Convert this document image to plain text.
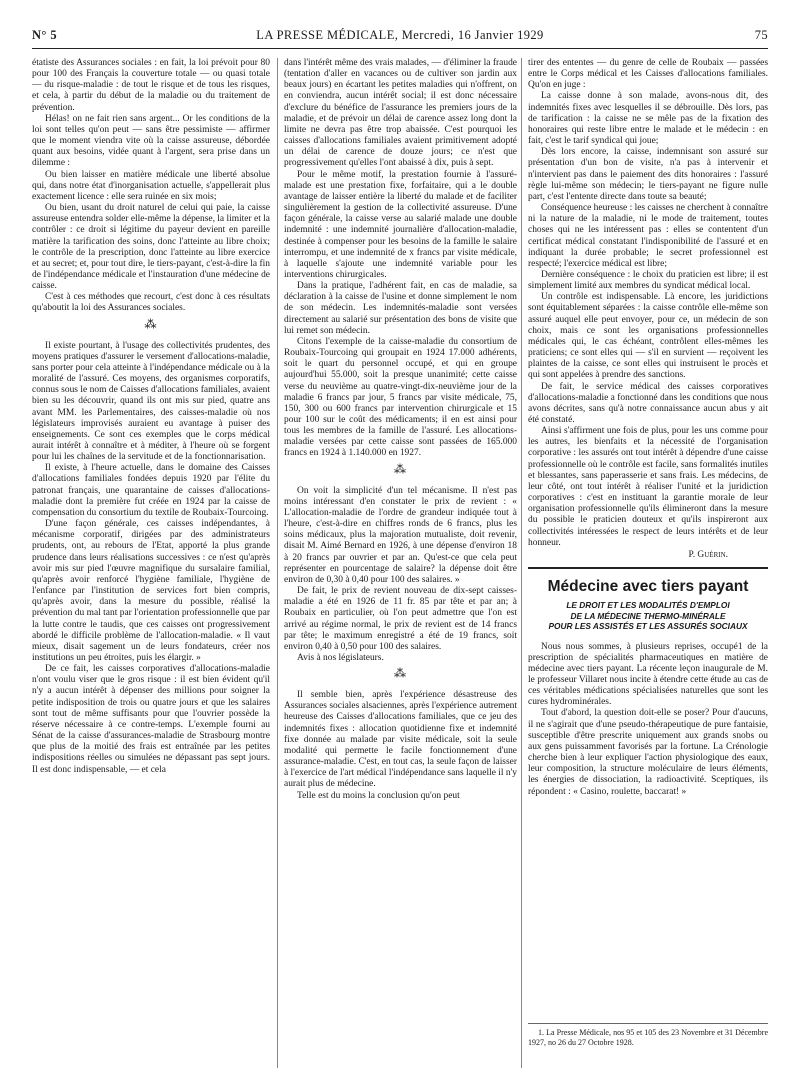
N° 5	LA PRESSE MÉDICALE, Mercredi, 16 Janvier 1929	75

étatiste des Assurances sociales : en fait, la loi prévoit pour 80 pour 100 des Français la couverture totale — ou quasi totale — du risque-maladie : de tout le risque et de tous les risques, et cela, à partir du début de la maladie ou du traitement de prévention.

Hélas! on ne fait rien sans argent... Or les conditions de la loi sont telles qu'on peut — sans être pessimiste — affirmer que le moment viendra vite où la caisse assureuse, débordée quant aux besoins, vidée quant à l'argent, sera prise dans un dilemme :

Ou bien laisser en matière médicale une liberté absolue qui, dans notre état d'inorganisation actuelle, s'appellerait plus exactement licence : elle sera ruinée en six mois;

Ou bien, usant du droit naturel de celui qui paie, la caisse assureuse entendra solder elle-même la dépense, la limiter et la contrôler : ce droit si légitime du payeur devient en pareille matière la tarification des soins, donc l'atteinte au libre choix; le contrôle de la prescription, donc l'atteinte au libre exercice et au secret; et, pour tout dire, le tiers-payant, c'est-à-dire la fin de l'indépendance médicale et l'instauration d'une médecine de caisse.

C'est à ces méthodes que recourt, c'est donc à ces résultats qu'aboutit la loi des Assurances sociales.

⁂

Il existe pourtant, à l'usage des collectivités prudentes, des moyens pratiques d'assurer le versement d'allocations-maladie, sans porter pour cela atteinte à l'indépendance médicale ou à la moralité de l'assuré. Ces moyens, des organismes corporatifs, connus sous le nom de Caisses d'allocations familiales, avaient bien su les découvrir, quand ils ont mis sur pied, quatre ans avant MM. les Parlementaires, des caisses-maladie où nos législateurs improvisés auraient eu avantage à puiser des enseignements. Ce sont ces exemples que le corps médical aurait intérêt à connaître et à méditer, à l'heure où se forgent pour lui les chaînes de la servitude et de la fonctionnarisation.

Il existe, à l'heure actuelle, dans le domaine des Caisses d'allocations familiales fondées depuis 1920 par l'élite du patronat français, une quarantaine de caisses d'allocations-maladie dont la première fut créée en 1924 par la caisse de compensation du consortium du textile de Roubaix-Tourcoing.

D'une façon générale, ces caisses indépendantes, à mécanisme corporatif, dirigées par des administrateurs prudents, ont, au rebours de l'Etat, apporté la plus grande prudence dans leurs réalisations successives : ce n'est qu'après avoir mis sur pied l'œuvre magnifique du sursalaire familial, qu'après avoir renforcé l'hygiène familiale, l'hygiène de l'enfance par l'institution de services fort bien compris, qu'après avoir, dans la mesure du possible, réalisé la prévention du mal tant par l'orientation professionnelle que par la lutte contre le taudis, que ces caisses ont progressivement abordé le difficile problème de l'allocation-maladie. « Il vaut mieux, disait sagement un de leurs fondateurs, créer nos institutions un peu étroites, puis les élargir. »

De ce fait, les caisses corporatives d'allocations-maladie n'ont voulu viser que le gros risque : il est bien évident qu'il n'y a aucun intérêt à dépenser des millions pour soigner la petite indisposition de trois ou quatre jours et que les salaires sont tout de même suffisants pour que l'ouvrier possède la réserve nécessaire à ce contre-temps. L'exemple fourni au Sénat de la caisse d'assurances-maladie de Strasbourg montre que plus de la moitié des frais est entraînée par les petites indispositions réelles ou simulées ne dépassant pas sept jours. Il est donc indispensable, — et cela

dans l'intérêt même des vrais malades, — d'éliminer la fraude (tentation d'aller en vacances ou de cultiver son jardin aux beaux jours) en écartant les petites maladies qui n'offrent, on en conviendra, aucun intérêt social; il est donc nécessaire d'exclure du bénéfice de l'assurance les premiers jours de la maladie, et de prévoir un délai de carence assez long dont la limite ne devra pas être trop abaissée. C'est pourquoi les caisses d'allocations familiales avaient primitivement adopté un délai de carence de douze jours; ce n'est que progressivement qu'elles l'ont abaissé à dix, puis à sept.

Pour le même motif, la prestation fournie à l'assuré-malade est une prestation fixe, forfaitaire, qui a le double avantage de laisser entière la liberté du malade et de faciliter singulièrement la gestion de la collectivité assureuse. D'une façon générale, la caisse verse au salarié malade une double indemnité : une indemnité journalière d'allocation-maladie, destinée à compenser pour les besoins de la famille le salaire interrompu, et une indemnité de x francs par visite médicale, à laquelle s'ajoute une indemnité variable pour les interventions chirurgicales.

Dans la pratique, l'adhérent fait, en cas de maladie, sa déclaration à la caisse de l'usine et donne simplement le nom de son médecin. Les indemnités-maladie sont versées directement au salarié sur présentation des bons de visite que lui remet son médecin.

Citons l'exemple de la caisse-maladie du consortium de Roubaix-Tourcoing qui groupait en 1924 17.000 adhérents, soit le quart du personnel occupé, et qui en groupe aujourd'hui 55.000, soit la presque unanimité; cette caisse verse du neuvième au quatre-vingt-dix-neuvième jour de la maladie 6 francs par jour, 5 francs par visite médicale, 75, 150, 300 ou 600 francs par intervention chirurgicale et 15 pour 100 sur le coût des médicaments; il en est ainsi pour tous les membres de la famille de l'assuré. Les allocations-maladie versées par cette caisse sont passées de 165.000 francs en 1924 à 1.140.000 en 1927.

⁂

On voit la simplicité d'un tel mécanisme. Il n'est pas moins intéressant d'en constater le prix de revient : « L'allocation-maladie de l'ordre de grandeur indiquée tout à l'heure, c'est-à-dire en chiffres ronds de 6 francs, plus les soins médicaux, plus la majoration mutualiste, doit revenir, disait M. Aimé Bernard en 1926, à une dépense d'environ 18 à 20 francs par ouvrier et par an. Qu'est-ce que cela peut représenter en pourcentage de salaire? la dépense doit être environ de 0,30 à 0,40 pour 100 des salaires. »

De fait, le prix de revient nouveau de dix-sept caisses-maladie a été en 1926 de 11 fr. 85 par tête et par an; à Roubaix en particulier, où l'on peut admettre que l'on est arrivé au régime normal, le prix de revient est de 14 francs par tête; le maximum enregistré a été de 19 francs, soit environ 0,40 à 0,50 pour 100 des salaires.

Avis à nos législateurs.

⁂

Il semble bien, après l'expérience désastreuse des Assurances sociales alsaciennes, après l'expérience autrement heureuse des Caisses d'allocations familiales, que ce jeu des indemnités fixes : allocation quotidienne fixe et indemnité fixe donnée au malade par visite médicale, soit la seule modalité qui permette le facile fonctionnement d'une assurance-maladie. C'est, en tout cas, la seule façon de laisser à l'exercice de l'art médical l'indépendance sans laquelle il n'y aurait plus de médecine.

Telle est du moins la conclusion qu'on peut

tirer des ententes — du genre de celle de Roubaix — passées entre le Corps médical et les Caisses d'allocations familiales. Qu'on en juge :

La caisse donne à son malade, avons-nous dit, des indemnités fixes avec lesquelles il se débrouille. Dès lors, pas de tarification : la caisse ne se mêle pas de la fixation des honoraires qui reste libre entre le malade et le médecin : en fait, c'est le tarif syndical qui joue;

Dès lors encore, la caisse, indemnisant son assuré sur présentation d'un bon de visite, n'a pas à intervenir et n'intervient pas dans le paiement des dits honoraires : l'assuré règle lui-même son médecin; le tiers-payant ne figure nulle part, c'est l'entente directe dans toute sa beauté;

Conséquence heureuse : les caisses ne cherchent à connaître ni la nature de la maladie, ni le mode de traitement, toutes choses qui ne les intéressent pas : elles se contentent d'un certificat médical constatant l'indisponibilité de l'assuré et en indiquant la durée probable; le secret professionnel est respecté; l'exercice médical est libre;

Dernière conséquence : le choix du praticien est libre; il est simplement limité aux membres du syndicat médical local.

Un contrôle est indispensable. Là encore, les juridictions sont équitablement séparées : la caisse contrôle elle-même son assuré auquel elle peut envoyer, pour ce, un médecin de son choix, mais ce sont les organisations professionnelles médicales qui, le cas échéant, contrôlent elles-mêmes les praticiens; ce sont elles qui — s'il en survient — reçoivent les plaintes de la caisse, ce sont elles qui instruisent le procès et qui sont appelées à prendre des sanctions.

De fait, le service médical des caisses corporatives d'allocations-maladie a fonctionné dans les conditions que nous avons décrites, sans qu'à notre connaissance aucun abus y ait été constaté.

Ainsi s'affirment une fois de plus, pour les uns comme pour les autres, les bienfaits et la nécessité de l'organisation corporative : les assurés ont tout intérêt à dépendre d'une caisse professionnelle où le contrôle est facile, sans formalités inutiles et blessantes, sans paperasserie et sans frais. Les médecins, de leur côté, ont tout intérêt à réaliser l'unité et la juridiction corporatives : c'est en instituant la garantie morale de leur organisation professionnelle qu'ils élimineront dans la mesure du possible le praticien douteux et qu'ils inspireront aux collectivités intéressées le respect de leurs intérêts et de leur honneur.

P. Guérin.
Médecine avec tiers payant
LE DROIT ET LES MODALITÉS D'EMPLOI
DE LA MÉDECINE THERMO-MINÉRALE
POUR LES ASSISTÉS ET LES ASSURÉS SOCIAUX

Nous nous sommes, à plusieurs reprises, occupé1 de la prescription de spécialités pharmaceutiques en matière de médecine avec tiers payant. La récente leçon inaugurale de M. le professeur Villaret nous incite à étendre cette étude au cas de ces véritables médications spécialisées naturelles que sont les cures hydrominérales.

Tout d'abord, la question doit-elle se poser? Pour d'aucuns, il ne s'agirait que d'une pseudo-thérapeutique de pure fantaisie, susceptible d'être prescrite uniquement aux grands snobs ou aux gens puissamment favorisés par la fortune. La Crénologie cherche bien à leur expliquer l'action physiologique des eaux, leur composition, la structure moléculaire de leurs éléments, les énergies de dissociation, la radioactivité. Sceptiques, ils répondent : « Casino, roulette, baccarat! »

1. La Presse Médicale, nos 95 et 105 des 23 Novembre et 31 Décembre 1927, no 26 du 27 Octobre 1928.
